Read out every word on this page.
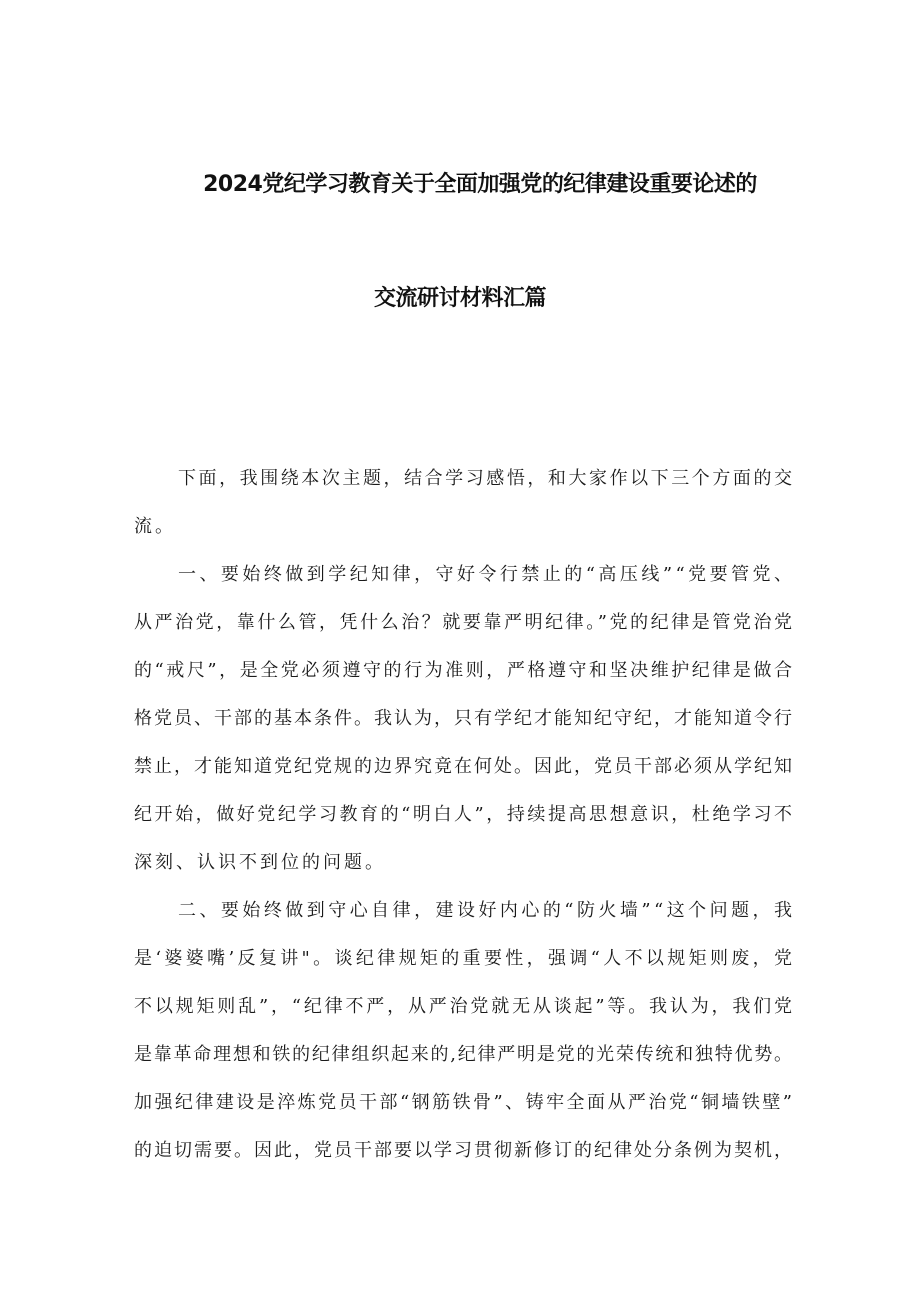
2024党纪学习教育关于全面加强党的纪律建设重要论述的
交流研讨材料汇篇
下面，我围绕本次主题，结合学习感悟，和大家作以下三个方面的交
流。
一、要始终做到学纪知律，守好令行禁止的“高压线”“党要管党、
从严治党，靠什么管，凭什么治？就要靠严明纪律。”党的纪律是管党治党
的“戒尺”，是全党必须遵守的行为准则，严格遵守和坚决维护纪律是做合
格党员、干部的基本条件。我认为，只有学纪才能知纪守纪，才能知道令行
禁止，才能知道党纪党规的边界究竟在何处。因此，党员干部必须从学纪知
纪开始，做好党纪学习教育的“明白人”，持续提高思想意识，杜绝学习不
深刻、认识不到位的问题。
二、要始终做到守心自律，建设好内心的“防火墙”“这个问题，我
是‘婆婆嘴’反复讲"。谈纪律规矩的重要性，强调“人不以规矩则废，党
不以规矩则乱”，“纪律不严，从严治党就无从谈起”等。我认为，我们党
是靠革命理想和铁的纪律组织起来的,纪律严明是党的光荣传统和独特优势。
加强纪律建设是淬炼党员干部“钢筋铁骨”、铸牢全面从严治党“铜墙铁壁”
的迫切需要。因此，党员干部要以学习贯彻新修订的纪律处分条例为契机，
